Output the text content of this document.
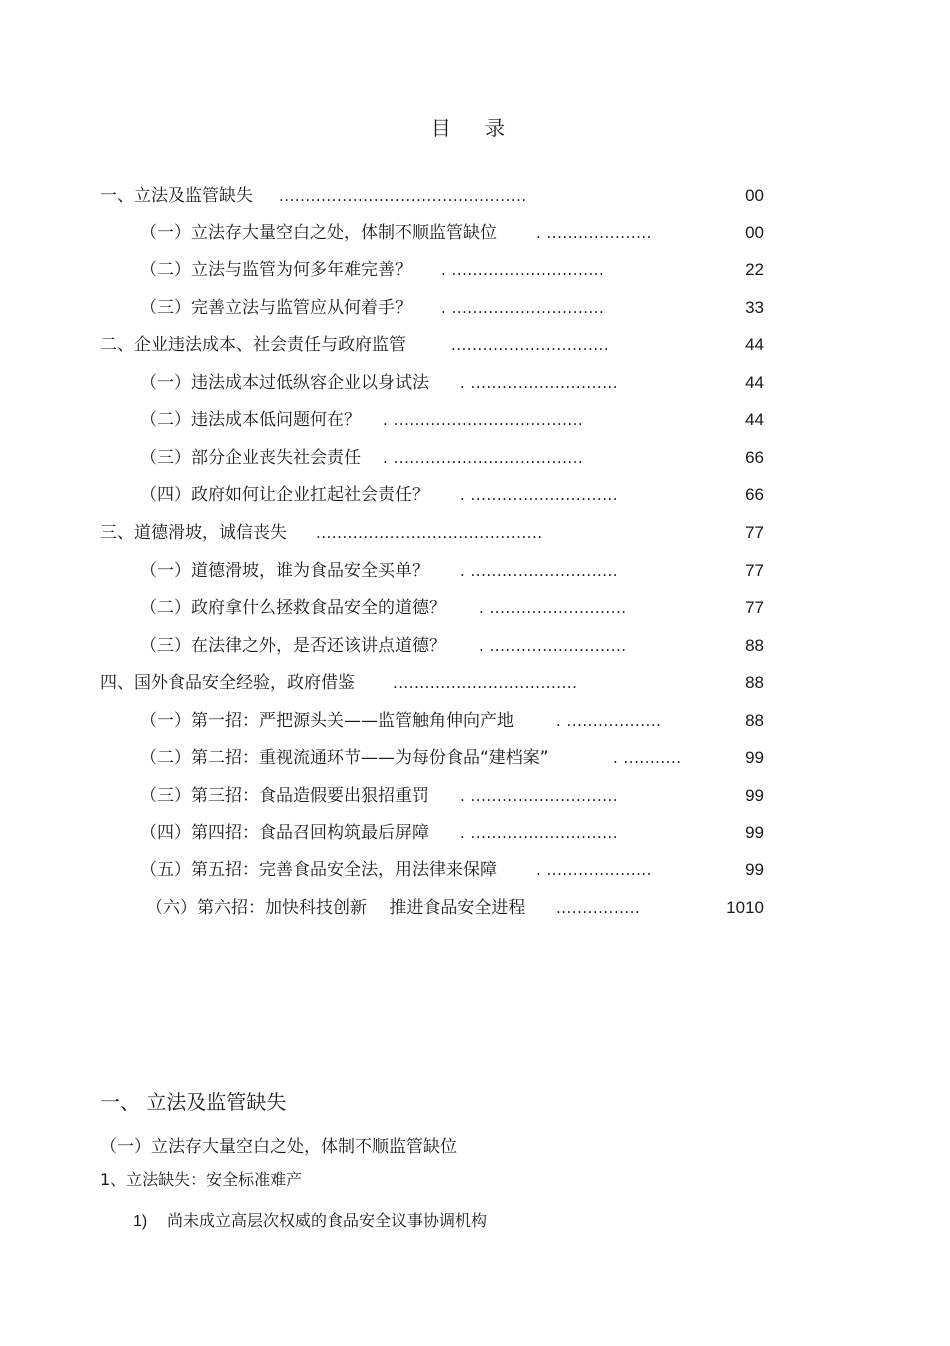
目 录
一、立法及监管缺失 ...............................................	00
（一）立法存大量空白之处，体制不顺监管缺位	. ....................	00
（二）立法与监管为何多年难完善？ . .............................	22
（三）完善立法与监管应从何着手？ . .............................	33
二、企业违法成本、社会责任与政府监管	..............................	44
（一）违法成本过低纵容企业以身试法 . ............................	44
（二）违法成本低问题何在？ . ....................................	44
（三）部分企业丧失社会责任 . ....................................	66
（四）政府如何让企业扛起社会责任？ . ............................	66
三、道德滑坡，诚信丧失 ...........................................	77
（一）道德滑坡，谁为食品安全买单？ . ............................	77
（二）政府拿什么拯救食品安全的道德？ . ..........................	77
（三）在法律之外，是否还该讲点道德？ . ..........................	88
四、国外食品安全经验，政府借鉴	...................................	88
（一）第一招：严把源头关——监管触角伸向产地	. ..................	88
（二）第二招：重视流通环节——为每份食品“建档案”	. ...........	99
（三）第三招：食品造假要出狠招重罚 . ............................	99
（四）第四招：食品召回构筑最后屏障 . ............................	99
（五）第五招：完善食品安全法，用法律来保障	. ....................	99
（六）第六招：加快科技创新　 推进食品安全进程 ................	1010
一、 立法及监管缺失
（一）立法存大量空白之处，体制不顺监管缺位
1、立法缺失：安全标准难产
1) 尚未成立高层次权威的食品安全议事协调机构
